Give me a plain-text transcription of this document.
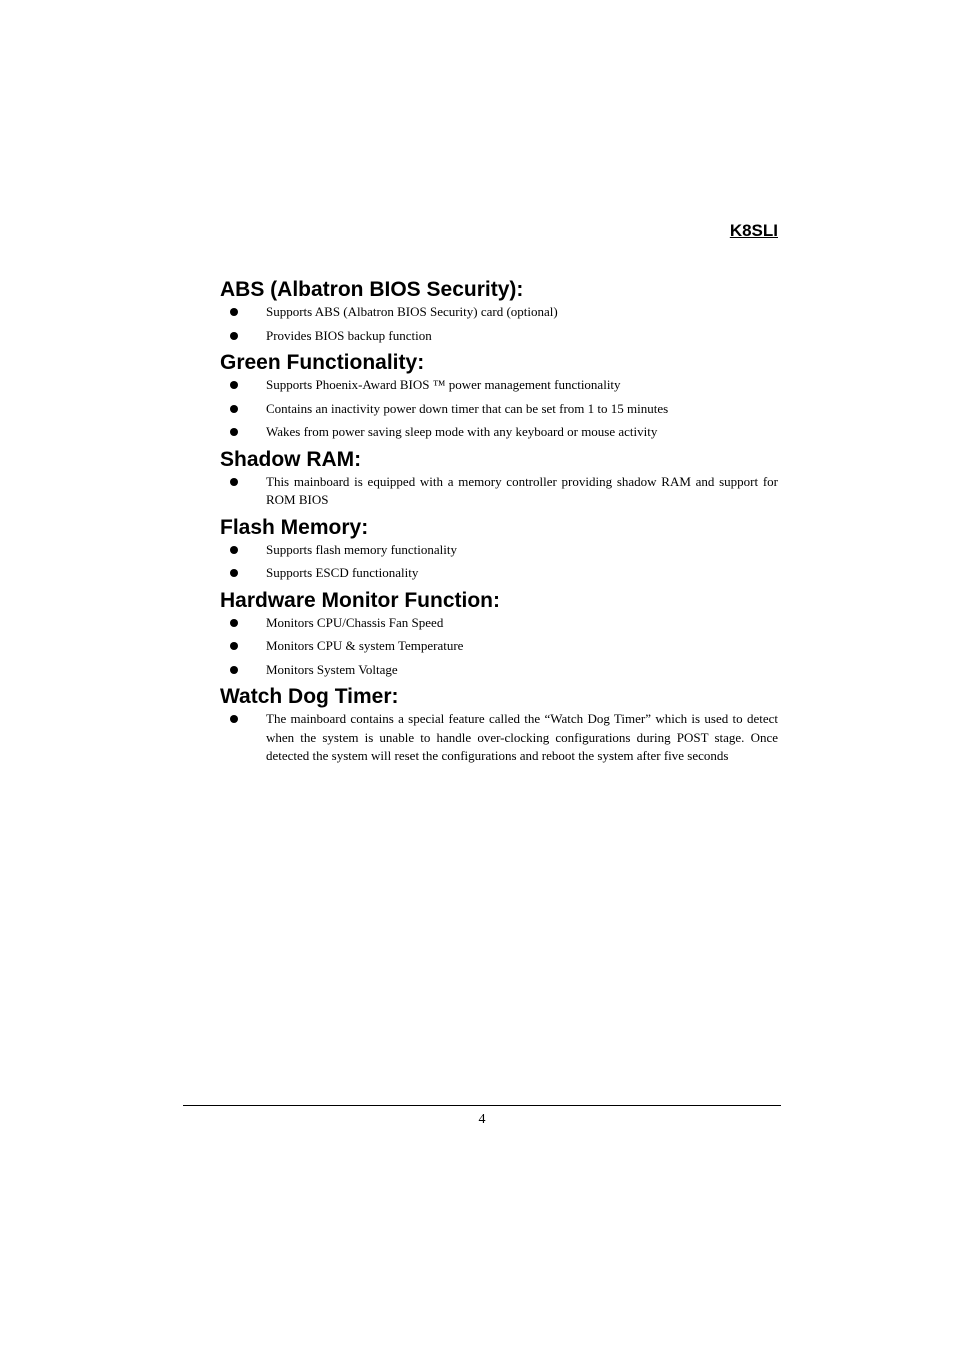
K8SLI
ABS (Albatron BIOS Security):
Supports ABS (Albatron BIOS Security) card (optional)
Provides BIOS backup function
Green Functionality:
Supports Phoenix-Award BIOS ™ power management functionality
Contains an inactivity power down timer that can be set from 1 to 15 minutes
Wakes from power saving sleep mode with any keyboard or mouse activity
Shadow RAM:
This mainboard is equipped with a memory controller providing shadow RAM and support for ROM BIOS
Flash Memory:
Supports flash memory functionality
Supports ESCD functionality
Hardware Monitor Function:
Monitors CPU/Chassis Fan Speed
Monitors CPU & system Temperature
Monitors System Voltage
Watch Dog Timer:
The mainboard contains a special feature called the “Watch Dog Timer” which is used to detect when the system is unable to handle over-clocking configurations during POST stage. Once detected the system will reset the configurations and reboot the system after five seconds
4
